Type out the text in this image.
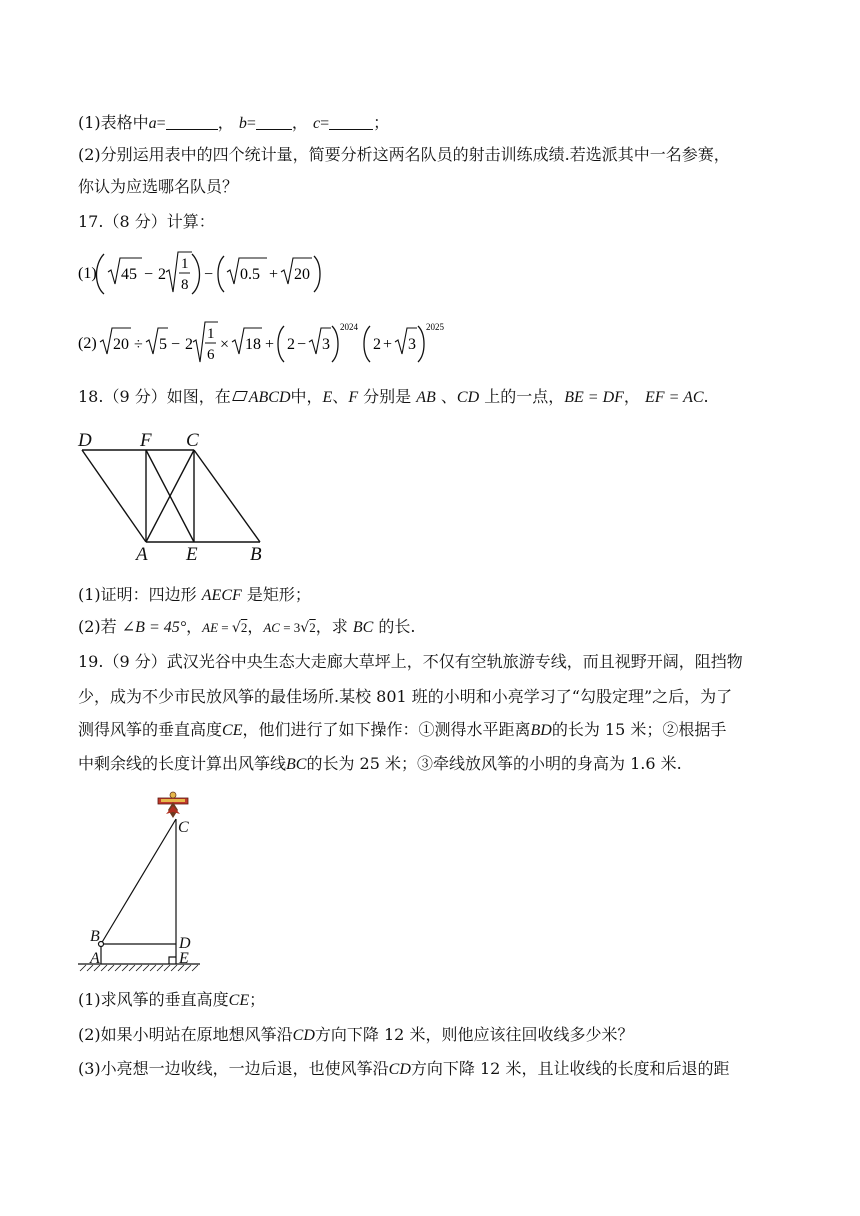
(1)表格中a=	， b= ， c=	；
(2)分别运用表中的四个统计量，简要分析这两名队员的射击训练成绩.若选派其中一名参赛，
你认为应选哪名队员？
17.（8 分）计算：
(1) 45 − 2
1
8
− 0.5 + 20
(2) 20 ÷ 5 − 2
1
6
× 18 + 2 − 3
2024
2 + 3
2025
18.（9 分）如图，在 ABCD中，E、F 分别是 AB 、CD 上的一点，BE = DF， EF = AC.
D	F C
A E	B
(1)证明：四边形 AECF 是矩形；
(2)若 ∠B = 45°，AE = √2，AC = 3√2，求 BC 的长.
19.（9 分）武汉光谷中央生态大走廊大草坪上，不仅有空轨旅游专线，而且视野开阔，阻挡物
少，成为不少市民放风筝的最佳场所.某校 801 班的小明和小亮学习了“勾股定理”之后，为了
测得风筝的垂直高度CE，他们进行了如下操作：①测得水平距离BD的长为 15 米；②根据手
中剩余线的长度计算出风筝线BC的长为 25 米；③牵线放风筝的小明的身高为 1.6 米.
C
B	D
A	E
(1)求风筝的垂直高度CE；
(2)如果小明站在原地想风筝沿CD方向下降 12 米，则他应该往回收线多少米？
(3)小亮想一边收线，一边后退，也使风筝沿CD方向下降 12 米，且让收线的长度和后退的距
